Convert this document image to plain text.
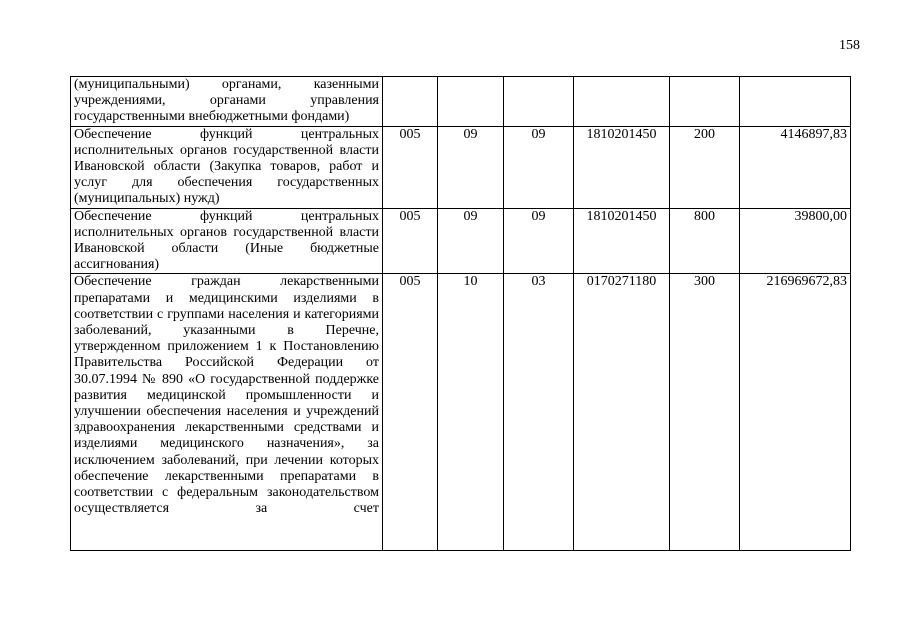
158
(муниципальными) органами, казенными учреждениями, органами управления государственными внебюджетными фондами)						
Обеспечение функций центральных исполнительных органов государственной власти Ивановской области (Закупка товаров, работ и услуг для обеспечения государственных (муниципальных) нужд)	005	09	09	1810201450	200	4146897,83
Обеспечение функций центральных исполнительных органов государственной власти Ивановской области (Иные бюджетные ассигнования)	005	09	09	1810201450	800	39800,00
Обеспечение граждан лекарственными препаратами и медицинскими изделиями в соответствии с группами населения и категориями заболеваний, указанными в Перечне, утвержденном приложением 1 к Постановлению Правительства Российской Федерации от 30.07.1994 № 890 «О государственной поддержке развития медицинской промышленности и улучшении обеспечения населения и учреждений здравоохранения лекарственными средствами и изделиями медицинского назначения», за исключением заболеваний, при лечении которых обеспечение лекарственными препаратами в соответствии с федеральным законодательством осуществляется за счет	005	10	03	0170271180	300	216969672,83
